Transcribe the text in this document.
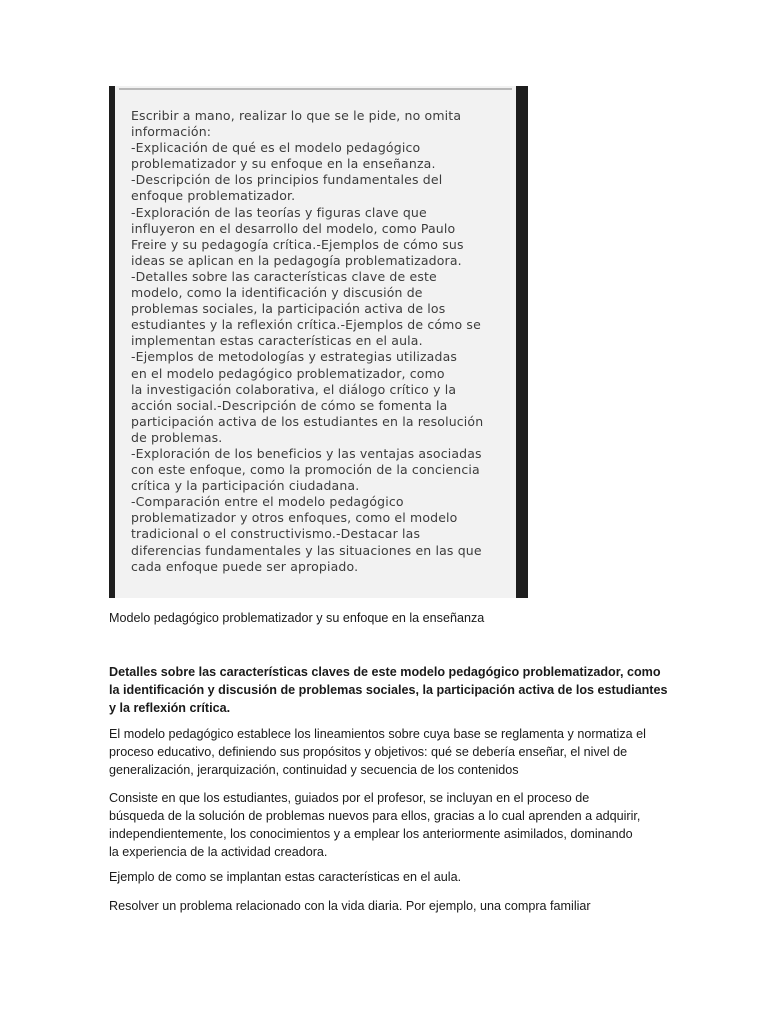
Escribir a mano, realizar lo que se le pide, no omita
información:
-Explicación de qué es el modelo pedagógico
problematizador y su enfoque en la enseñanza.
-Descripción de los principios fundamentales del
enfoque problematizador.
-Exploración de las teorías y figuras clave que
influyeron en el desarrollo del modelo, como Paulo
Freire y su pedagogía crítica.-Ejemplos de cómo sus
ideas se aplican en la pedagogía problematizadora.
-Detalles sobre las características clave de este
modelo, como la identificación y discusión de
problemas sociales, la participación activa de los
estudiantes y la reflexión crítica.-Ejemplos de cómo se
implementan estas características en el aula.
-Ejemplos de metodologías y estrategias utilizadas
en el modelo pedagógico problematizador, como
la investigación colaborativa, el diálogo crítico y la
acción social.-Descripción de cómo se fomenta la
participación activa de los estudiantes en la resolución
de problemas.
-Exploración de los beneficios y las ventajas asociadas
con este enfoque, como la promoción de la conciencia
crítica y la participación ciudadana.
-Comparación entre el modelo pedagógico
problematizador y otros enfoques, como el modelo
tradicional o el constructivismo.-Destacar las
diferencias fundamentales y las situaciones en las que
cada enfoque puede ser apropiado.
Modelo pedagógico problematizador y su enfoque en la enseñanza
Detalles sobre las características claves de este modelo pedagógico problematizador, como
la identificación y discusión de problemas sociales, la participación activa de los estudiantes
y la reflexión crítica.
El modelo pedagógico establece los lineamientos sobre cuya base se reglamenta y normatiza el
proceso educativo, definiendo sus propósitos y objetivos: qué se debería enseñar, el nivel de
generalización, jerarquización, continuidad y secuencia de los contenidos
Consiste en que los estudiantes, guiados por el profesor, se incluyan en el proceso de
búsqueda de la solución de problemas nuevos para ellos, gracias a lo cual aprenden a adquirir,
independientemente, los conocimientos y a emplear los anteriormente asimilados, dominando
la experiencia de la actividad creadora.
Ejemplo de como se implantan estas características en el aula.
Resolver un problema relacionado con la vida diaria. Por ejemplo, una compra familiar
